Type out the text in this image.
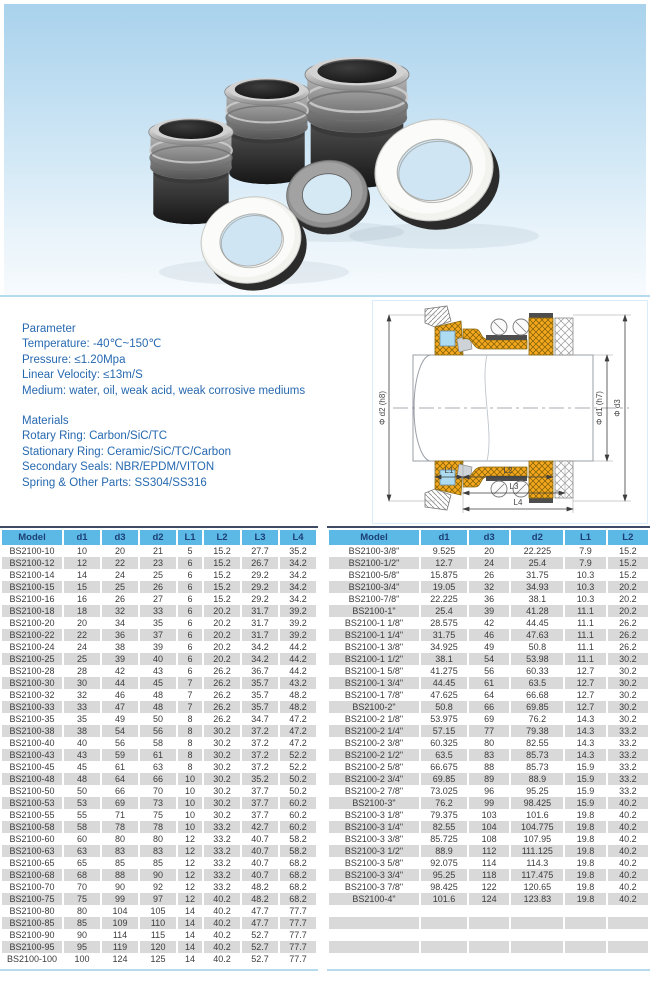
Parameter
Temperature: -40℃~150℃
Pressure: ≤1.20Mpa
Linear Velocity: ≤13m/S
Medium: water, oil, weak acid, weak corrosive mediums
Materials
Rotary Ring: Carbon/SiC/TC
Stationary Ring: Ceramic/SiC/TC/Carbon
Secondary Seals: NBR/EPDM/VITON
Spring & Other Parts: SS304/SS316
Φ d2 (h8)	Φ d1 (h7) Φ d3
L1	L2
L3
L4
Model	d1	d3	d2	L1	L2	L3	L4
BS2100-10	10	20	21	5	15.2	27.7	35.2
BS2100-12	12	22	23	6	15.2	26.7	34.2
BS2100-14	14	24	25	6	15.2	29.2	34.2
BS2100-15	15	25	26	6	15.2	29.2	34.2
BS2100-16	16	26	27	6	15.2	29.2	34.2
BS2100-18	18	32	33	6	20.2	31.7	39.2
BS2100-20	20	34	35	6	20.2	31.7	39.2
BS2100-22	22	36	37	6	20.2	31.7	39.2
BS2100-24	24	38	39	6	20.2	34.2	44.2
BS2100-25	25	39	40	6	20.2	34.2	44.2
BS2100-28	28	42	43	6	26.2	36.7	44.2
BS2100-30	30	44	45	7	26.2	35.7	43.2
BS2100-32	32	46	48	7	26.2	35.7	48.2
BS2100-33	33	47	48	7	26.2	35.7	48.2
BS2100-35	35	49	50	8	26.2	34.7	47.2
BS2100-38	38	54	56	8	30.2	37.2	47.2
BS2100-40	40	56	58	8	30.2	37.2	47.2
BS2100-43	43	59	61	8	30.2	37.2	52.2
BS2100-45	45	61	63	8	30.2	37.2	52.2
BS2100-48	48	64	66	10	30.2	35.2	50.2
BS2100-50	50	66	70	10	30.2	37.7	50.2
BS2100-53	53	69	73	10	30.2	37.7	60.2
BS2100-55	55	71	75	10	30.2	37.7	60.2
BS2100-58	58	78	78	10	33.2	42.7	60.2
BS2100-60	60	80	80	12	33.2	40.7	58.2
BS2100-63	63	83	83	12	33.2	40.7	58.2
BS2100-65	65	85	85	12	33.2	40.7	68.2
BS2100-68	68	88	90	12	33.2	40.7	68.2
BS2100-70	70	90	92	12	33.2	48.2	68.2
BS2100-75	75	99	97	12	40.2	48.2	68.2
BS2100-80	80	104	105	14	40.2	47.7	77.7
BS2100-85	85	109	110	14	40.2	47.7	77.7
BS2100-90	90	114	115	14	40.2	52.7	77.7
BS2100-95	95	119	120	14	40.2	52.7	77.7
BS2100-100	100	124	125	14	40.2	52.7	77.7
Model	d1	d3	d2	L1	L2
BS2100-3/8"	9.525	20	22.225	7.9	15.2
BS2100-1/2"	12.7	24	25.4	7.9	15.2
BS2100-5/8"	15.875	26	31.75	10.3	15.2
BS2100-3/4"	19.05	32	34.93	10.3	20.2
BS2100-7/8"	22.225	36	38.1	10.3	20.2
BS2100-1"	25.4	39	41.28	11.1	20.2
BS2100-1 1/8"	28.575	42	44.45	11.1	26.2
BS2100-1 1/4"	31.75	46	47.63	11.1	26.2
BS2100-1 3/8"	34.925	49	50.8	11.1	26.2
BS2100-1 1/2"	38.1	54	53.98	11.1	30.2
BS2100-1 5/8"	41.275	56	60.33	12.7	30.2
BS2100-1 3/4"	44.45	61	63.5	12.7	30.2
BS2100-1 7/8"	47.625	64	66.68	12.7	30.2
BS2100-2"	50.8	66	69.85	12.7	30.2
BS2100-2 1/8"	53.975	69	76.2	14.3	30.2
BS2100-2 1/4"	57.15	77	79.38	14.3	33.2
BS2100-2 3/8"	60.325	80	82.55	14.3	33.2
BS2100-2 1/2"	63.5	83	85.73	14.3	33.2
BS2100-2 5/8"	66.675	88	85.73	15.9	33.2
BS2100-2 3/4"	69.85	89	88.9	15.9	33.2
BS2100-2 7/8"	73.025	96	95.25	15.9	33.2
BS2100-3"	76.2	99	98.425	15.9	40.2
BS2100-3 1/8"	79.375	103	101.6	19.8	40.2
BS2100-3 1/4"	82.55	104	104.775	19.8	40.2
BS2100-3 3/8"	85.725	108	107.95	19.8	40.2
BS2100-3 1/2"	88.9	112	111.125	19.8	40.2
BS2100-3 5/8"	92.075	114	114.3	19.8	40.2
BS2100-3 3/4"	95.25	118	117.475	19.8	40.2
BS2100-3 7/8"	98.425	122	120.65	19.8	40.2
BS2100-4"	101.6	124	123.83	19.8	40.2
